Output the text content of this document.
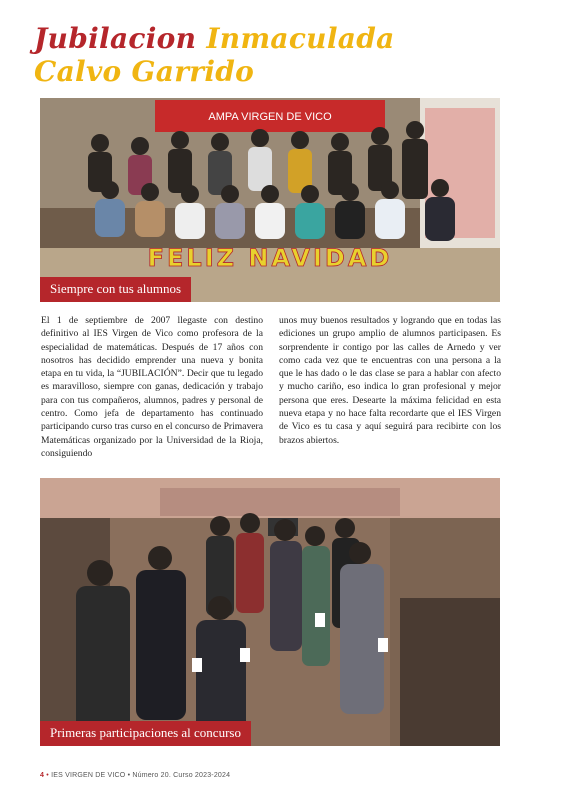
Jubilacion Inmaculada
Calvo Garrido
AMPA VIRGEN DE VICO
FELIZ NAVIDAD
Siempre con tus alumnos

El 1 de septiembre de 2007 llegaste con destino definitivo al IES Virgen de Vico como profesora de la especialidad de matemáticas. Después de 17 años con nosotros has decidido emprender una nueva y bonita etapa en tu vida, la “JUBILACIÓN”. Decir que tu legado es maravilloso, siempre con ganas, dedicación y trabajo para con tus compañeros, alumnos, padres y personal de centro. Como jefa de departamento has continuado participando curso tras curso en el concurso de Primavera Matemáticas organizado por la Universidad de la Rioja, consiguiendo

unos muy buenos resultados y logrando que en todas las ediciones un grupo amplio de alumnos participasen. Es sorprendente ir contigo por las calles de Arnedo y ver como cada vez que te encuentras con una persona a la que le has dado o le das clase se para a hablar con afecto y mucho cariño, eso indica lo gran profesional y mejor persona que eres. Desearte la máxima felicidad en esta nueva etapa y no hace falta recordarte que el IES Virgen de Vico es tu casa y aquí seguirá para recibirte con los brazos abiertos.

Primeras participaciones al concurso
4 • IES VIRGEN DE VICO • Número 20. Curso 2023-2024
